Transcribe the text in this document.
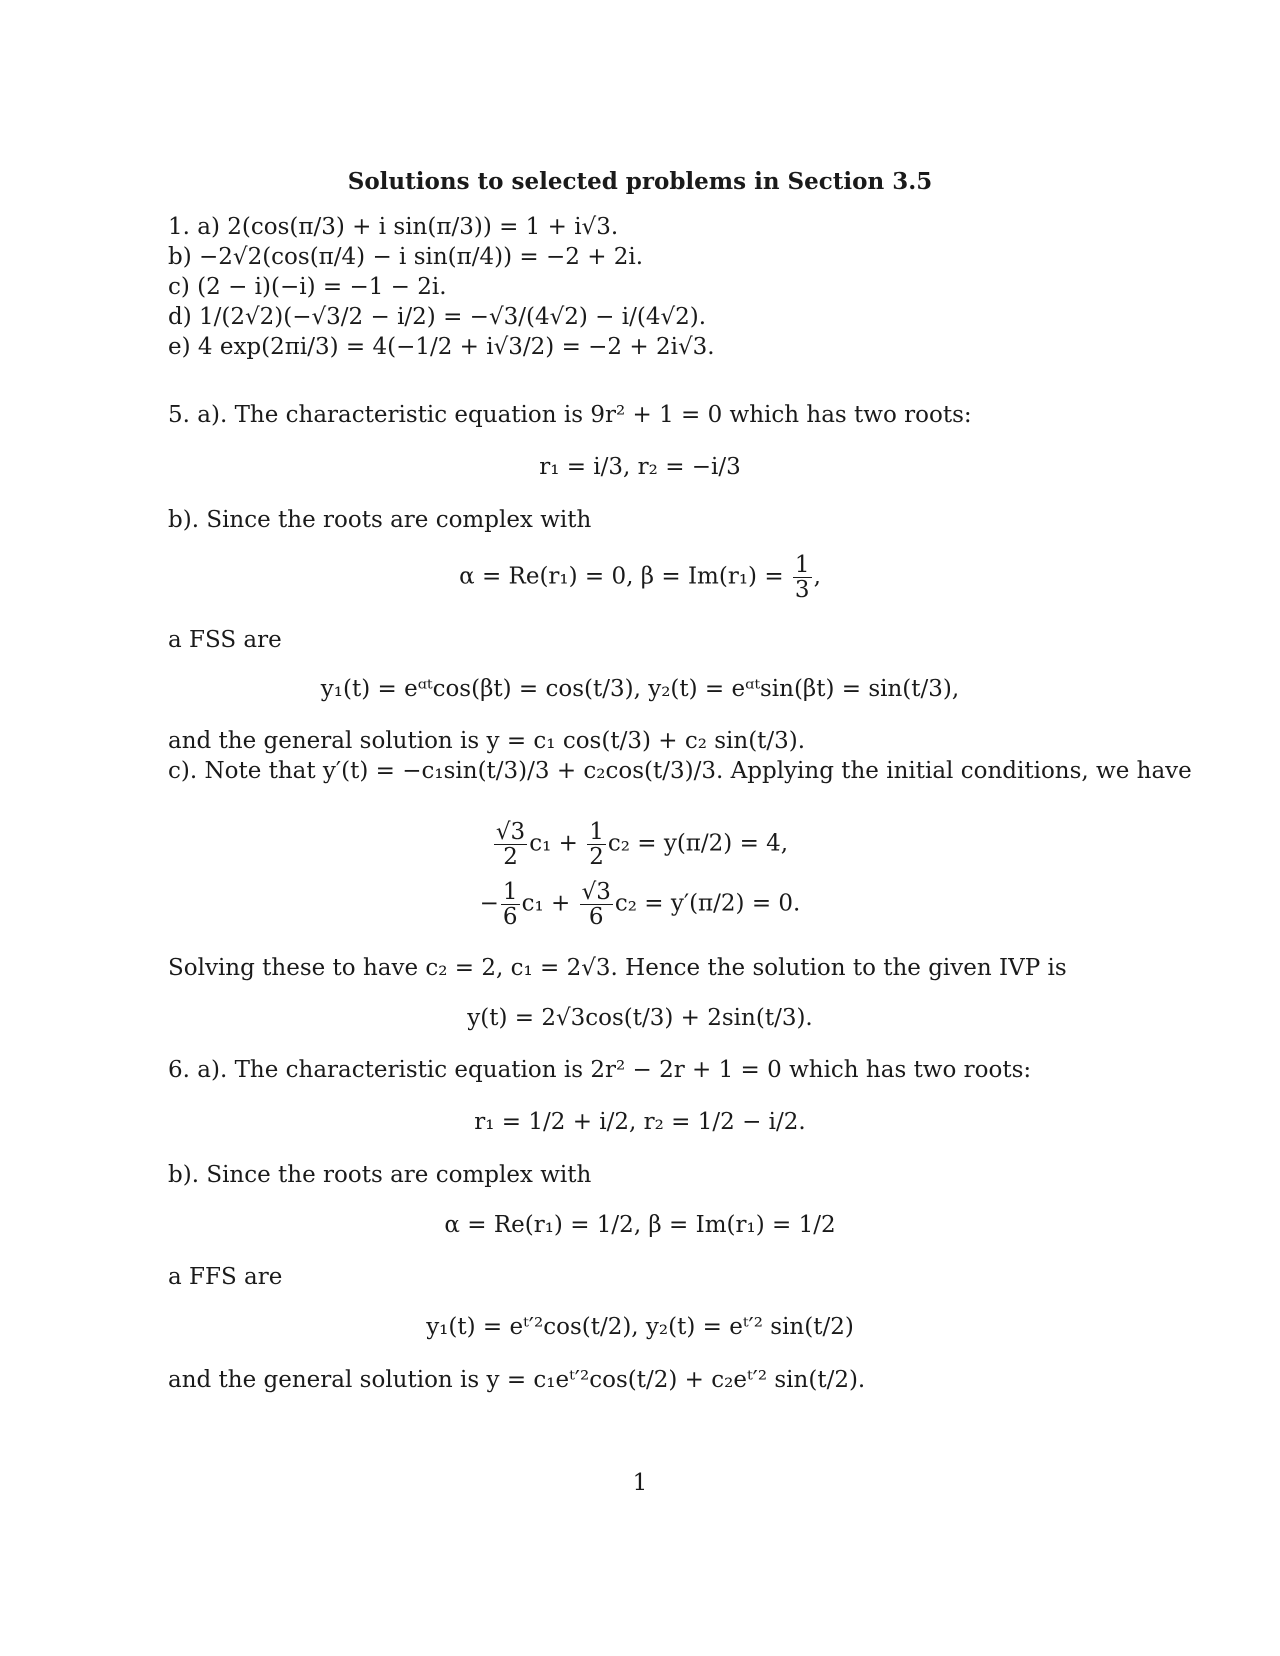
Solutions to selected problems in Section 3.5
1. a) 2(cos(π/3) + i sin(π/3)) = 1 + i√3.
b) −2√2(cos(π/4) − i sin(π/4)) = −2 + 2i.
c) (2 − i)(−i) = −1 − 2i.
d) 1/(2√2)(−√3/2 − i/2) = −√3/(4√2) − i/(4√2).
e) 4 exp(2πi/3) = 4(−1/2 + i√3/2) = −2 + 2i√3.
5. a). The characteristic equation is 9r² + 1 = 0 which has two roots:
r₁ = i/3, r₂ = −i/3
b). Since the roots are complex with
α = Re(r₁) = 0, $\beta = Im(r_1) = \frac{1}{3}$ ,
a FSS are
y₁(t) = eᵅᵗcos(βt) = cos(t/3), y₂(t) = eᵅᵗsin(βt) = sin(t/3),
and the general solution is y = c₁ cos(t/3) + c₂ sin(t/3).
c). Note that y′(t) = −c₁sin(t/3)/3 + c₂cos(t/3)/3. Applying the initial conditions, we have
$\frac{√3}{2} c_1 + \frac{1}{2} c_2 = y(\pi/2) = 4$,
− $\frac{1}{6} c_1 + \frac{√3}{6} c_2 = y'(\pi/2) = 0$.
Solving these to have c₂ = 2, c₁ = 2√3. Hence the solution to the given IVP is
y(t) = 2√3cos(t/3) + 2sin(t/3).
6. a). The characteristic equation is 2r² − 2r + 1 = 0 which has two roots:
r₁ = 1/2 + i/2, r₂ = 1/2 − i/2.
b). Since the roots are complex with
α = Re(r₁) = 1/2, β = Im(r₁) = 1/2
a FFS are
y₁(t) = eᵗ′²cos(t/2), y₂(t) = eᵗ′² sin(t/2)
and the general solution is y = c₁eᵗ′²cos(t/2) + c₂eᵗ′² sin(t/2).
1
